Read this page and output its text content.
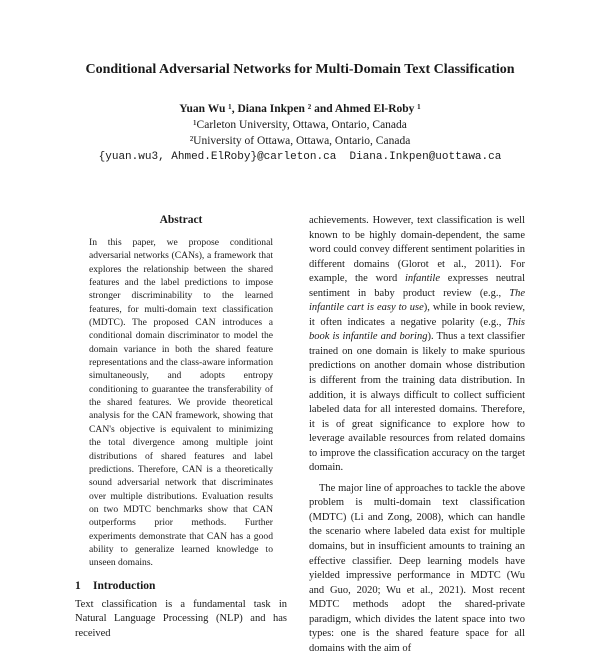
Conditional Adversarial Networks for Multi-Domain Text Classification
Yuan Wu ¹, Diana Inkpen ² and Ahmed El-Roby ¹
¹Carleton University, Ottawa, Ontario, Canada
²University of Ottawa, Ottawa, Ontario, Canada
{yuan.wu3, Ahmed.ElRoby}@carleton.ca  Diana.Inkpen@uottawa.ca
Abstract

In this paper, we propose conditional adversarial networks (CANs), a framework that explores the relationship between the shared features and the label predictions to impose stronger discriminability to the learned features, for multi-domain text classification (MDTC). The proposed CAN introduces a conditional domain discriminator to model the domain variance in both the shared feature representations and the class-aware information simultaneously, and adopts entropy conditioning to guarantee the transferability of the shared features. We provide theoretical analysis for the CAN framework, showing that CAN's objective is equivalent to minimizing the total divergence among multiple joint distributions of shared features and label predictions. Therefore, CAN is a theoretically sound adversarial network that discriminates over multiple distributions. Evaluation results on two MDTC benchmarks show that CAN outperforms prior methods. Further experiments demonstrate that CAN has a good ability to generalize learned knowledge to unseen domains.

1 Introduction

Text classification is a fundamental task in Natural Language Processing (NLP) and has received

achievements. However, text classification is well known to be highly domain-dependent, the same word could convey different sentiment polarities in different domains (Glorot et al., 2011). For example, the word infantile expresses neutral sentiment in baby product review (e.g., The infantile cart is easy to use), while in book review, it often indicates a negative polarity (e.g., This book is infantile and boring). Thus a text classifier trained on one domain is likely to make spurious predictions on another domain whose distribution is different from the training data distribution. In addition, it is always difficult to collect sufficient labeled data for all interested domains. Therefore, it is of great significance to explore how to leverage available resources from related domains to improve the classification accuracy on the target domain.

The major line of approaches to tackle the above problem is multi-domain text classification (MDTC) (Li and Zong, 2008), which can handle the scenario where labeled data exist for multiple domains, but in insufficient amounts to training an effective classifier. Deep learning models have yielded impressive performance in MDTC (Wu and Guo, 2020; Wu et al., 2021). Most recent MDTC methods adopt the shared-private paradigm, which divides the latent space into two types: one is the shared feature space for all domains with the aim of
